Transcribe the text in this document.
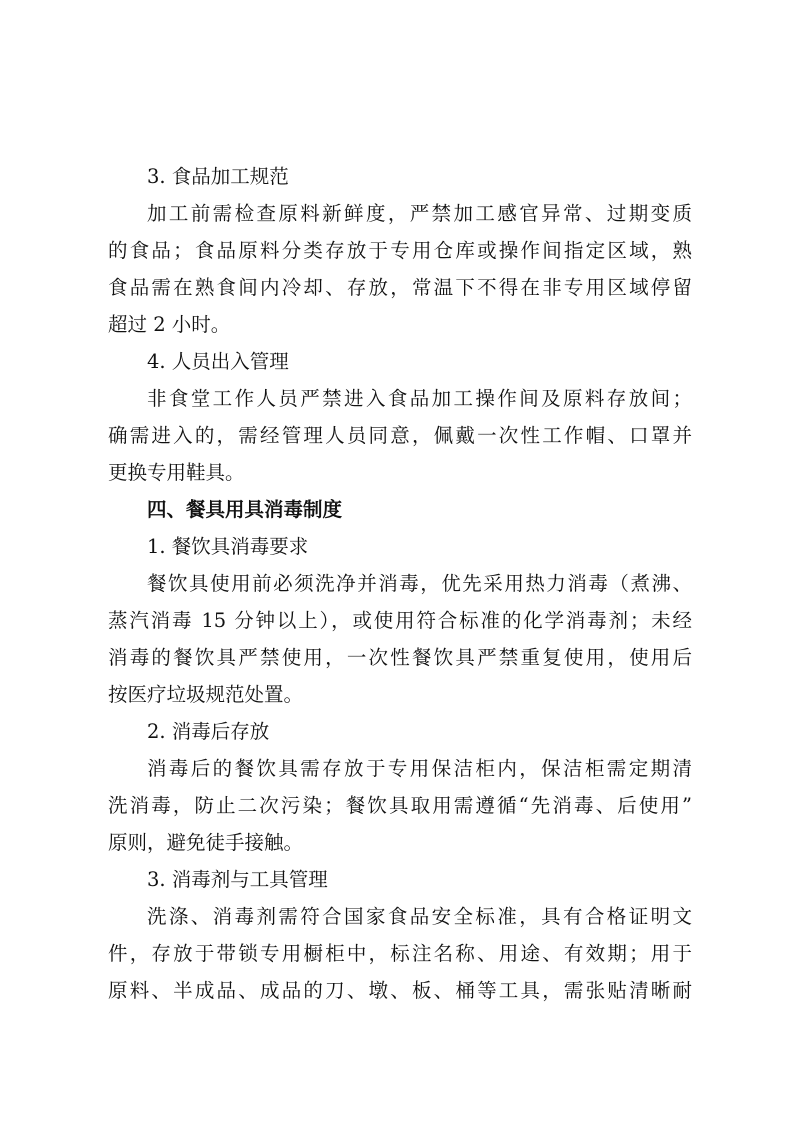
3. 食品加工规范
加工前需检查原料新鲜度，严禁加工感官异常、过期变质
的食品；食品原料分类存放于专用仓库或操作间指定区域，熟
食品需在熟食间内冷却、存放，常温下不得在非专用区域停留
超过 2 小时。
4. 人员出入管理
非食堂工作人员严禁进入食品加工操作间及原料存放间；
确需进入的，需经管理人员同意，佩戴一次性工作帽、口罩并
更换专用鞋具。
四、餐具用具消毒制度
1. 餐饮具消毒要求
餐饮具使用前必须洗净并消毒，优先采用热力消毒（煮沸、
蒸汽消毒 15 分钟以上），或使用符合标准的化学消毒剂；未经
消毒的餐饮具严禁使用，一次性餐饮具严禁重复使用，使用后
按医疗垃圾规范处置。
2. 消毒后存放
消毒后的餐饮具需存放于专用保洁柜内，保洁柜需定期清
洗消毒，防止二次污染；餐饮具取用需遵循“先消毒、后使用”
原则，避免徒手接触。
3. 消毒剂与工具管理
洗涤、消毒剂需符合国家食品安全标准，具有合格证明文
件，存放于带锁专用橱柜中，标注名称、用途、有效期；用于
原料、半成品、成品的刀、墩、板、桶等工具，需张贴清晰耐
